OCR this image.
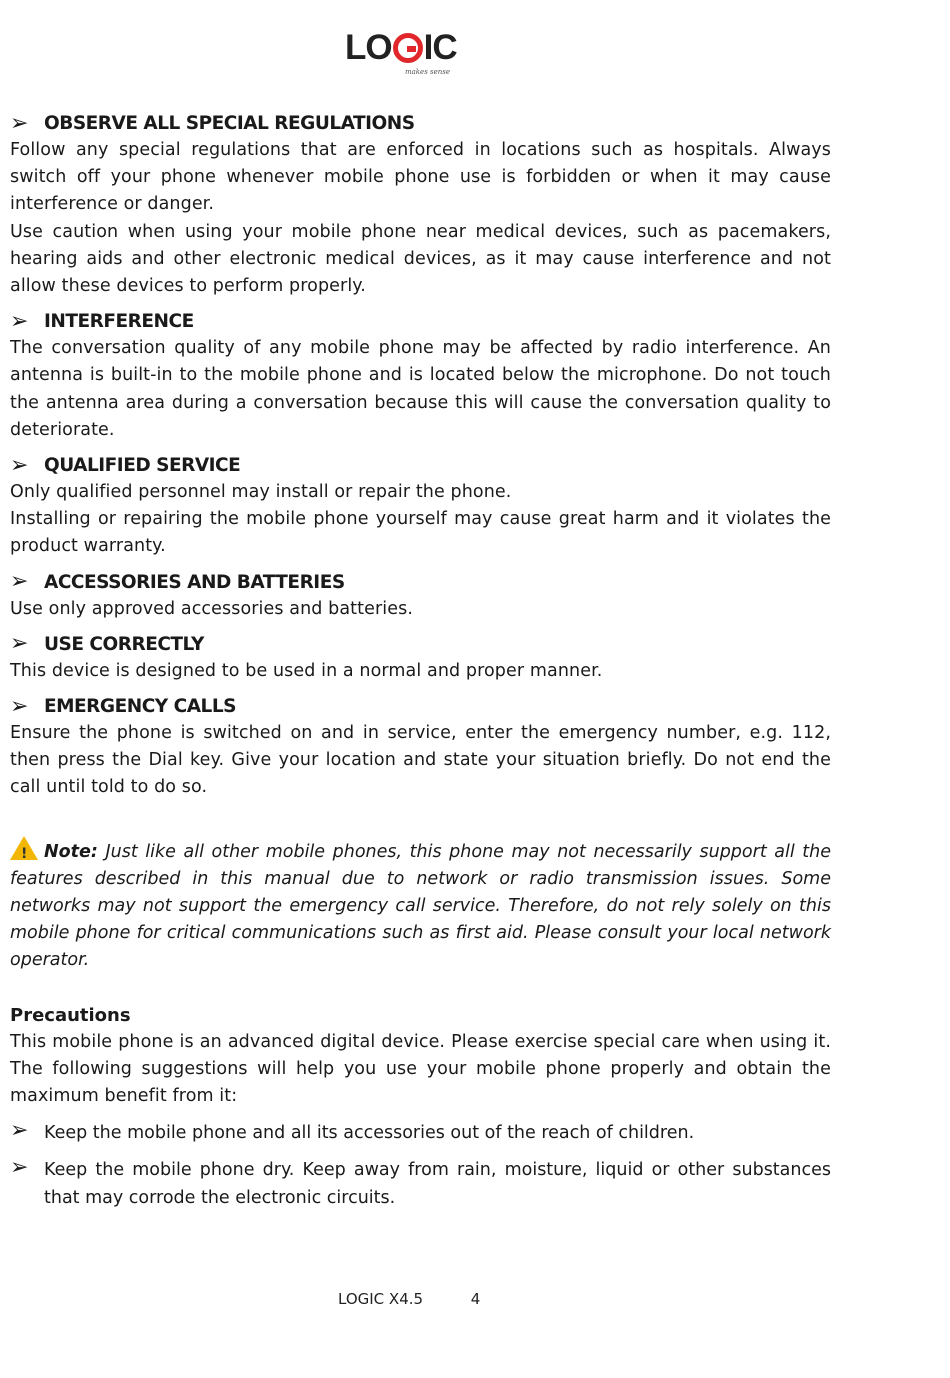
LO IC
makes sense
➢ OBSERVE ALL SPECIAL REGULATIONS
Follow any special regulations that are enforced in locations such as hospitals. Always switch off your phone whenever mobile phone use is forbidden or when it may cause interference or danger.
Use caution when using your mobile phone near medical devices, such as pacemakers, hearing aids and other electronic medical devices, as it may cause interference and not allow these devices to perform properly.
➢ INTERFERENCE
The conversation quality of any mobile phone may be affected by radio interference. An antenna is built-in to the mobile phone and is located below the microphone. Do not touch the antenna area during a conversation because this will cause the conversation quality to deteriorate.
➢ QUALIFIED SERVICE
Only qualified personnel may install or repair the phone.
Installing or repairing the mobile phone yourself may cause great harm and it violates the product warranty.
➢ ACCESSORIES AND BATTERIES
Use only approved accessories and batteries.
➢ USE CORRECTLY
This device is designed to be used in a normal and proper manner.
➢ EMERGENCY CALLS
Ensure the phone is switched on and in service, enter the emergency number, e.g. 112, then press the Dial key. Give your location and state your situation briefly. Do not end the call until told to do so.
! Note: Just like all other mobile phones, this phone may not necessarily support all the features described in this manual due to network or radio transmission issues. Some networks may not support the emergency call service. Therefore, do not rely solely on this mobile phone for critical communications such as first aid. Please consult your local network operator.
Precautions
This mobile phone is an advanced digital device. Please exercise special care when using it. The following suggestions will help you use your mobile phone properly and obtain the maximum benefit from it:
➢ Keep the mobile phone and all its accessories out of the reach of children.
➢ Keep the mobile phone dry. Keep away from rain, moisture, liquid or other substances that may corrode the electronic circuits.
LOGIC X4.5	4
